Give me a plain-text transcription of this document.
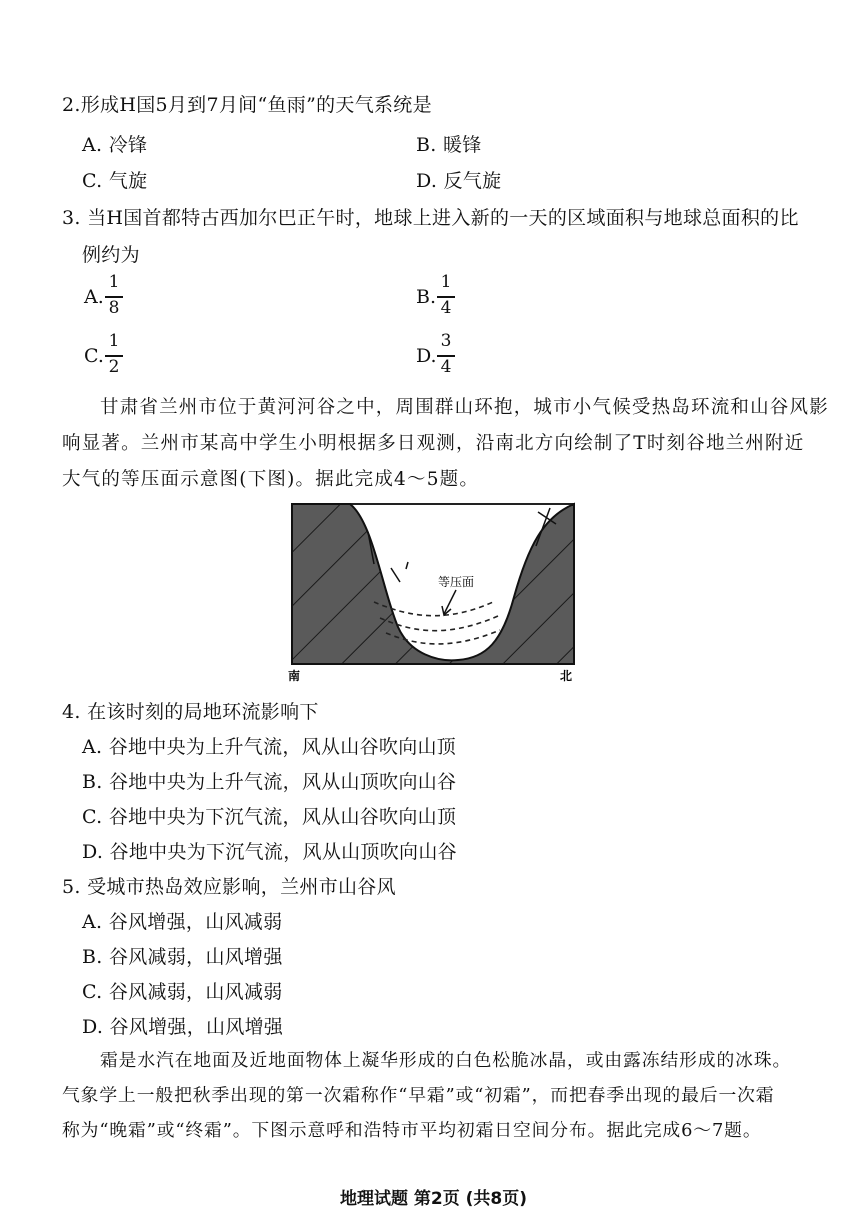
2.形成H国5月到7月间“鱼雨”的天气系统是
A. 冷锋	B. 暖锋
C. 气旋	D. 反气旋
3. 当H国首都特古西加尔巴正午时，地球上进入新的一天的区域面积与地球总面积的比
例约为
A.
1
8	B.
1
4
C.
1
2	D.
3
4
甘肃省兰州市位于黄河河谷之中，周围群山环抱，城市小气候受热岛环流和山谷风影
响显著。兰州市某高中学生小明根据多日观测，沿南北方向绘制了T时刻谷地兰州附近
大气的等压面示意图(下图)。据此完成4～5题。
等压面
南	北
4. 在该时刻的局地环流影响下
A. 谷地中央为上升气流，风从山谷吹向山顶
B. 谷地中央为上升气流，风从山顶吹向山谷
C. 谷地中央为下沉气流，风从山谷吹向山顶
D. 谷地中央为下沉气流，风从山顶吹向山谷
5. 受城市热岛效应影响，兰州市山谷风
A. 谷风增强，山风减弱
B. 谷风减弱，山风增强
C. 谷风减弱，山风减弱
D. 谷风增强，山风增强
霜是水汽在地面及近地面物体上凝华形成的白色松脆冰晶，或由露冻结形成的冰珠。
气象学上一般把秋季出现的第一次霜称作“早霜”或“初霜”，而把春季出现的最后一次霜
称为“晚霜”或“终霜”。下图示意呼和浩特市平均初霜日空间分布。据此完成6～7题。
地理试题 第2页 (共8页)
